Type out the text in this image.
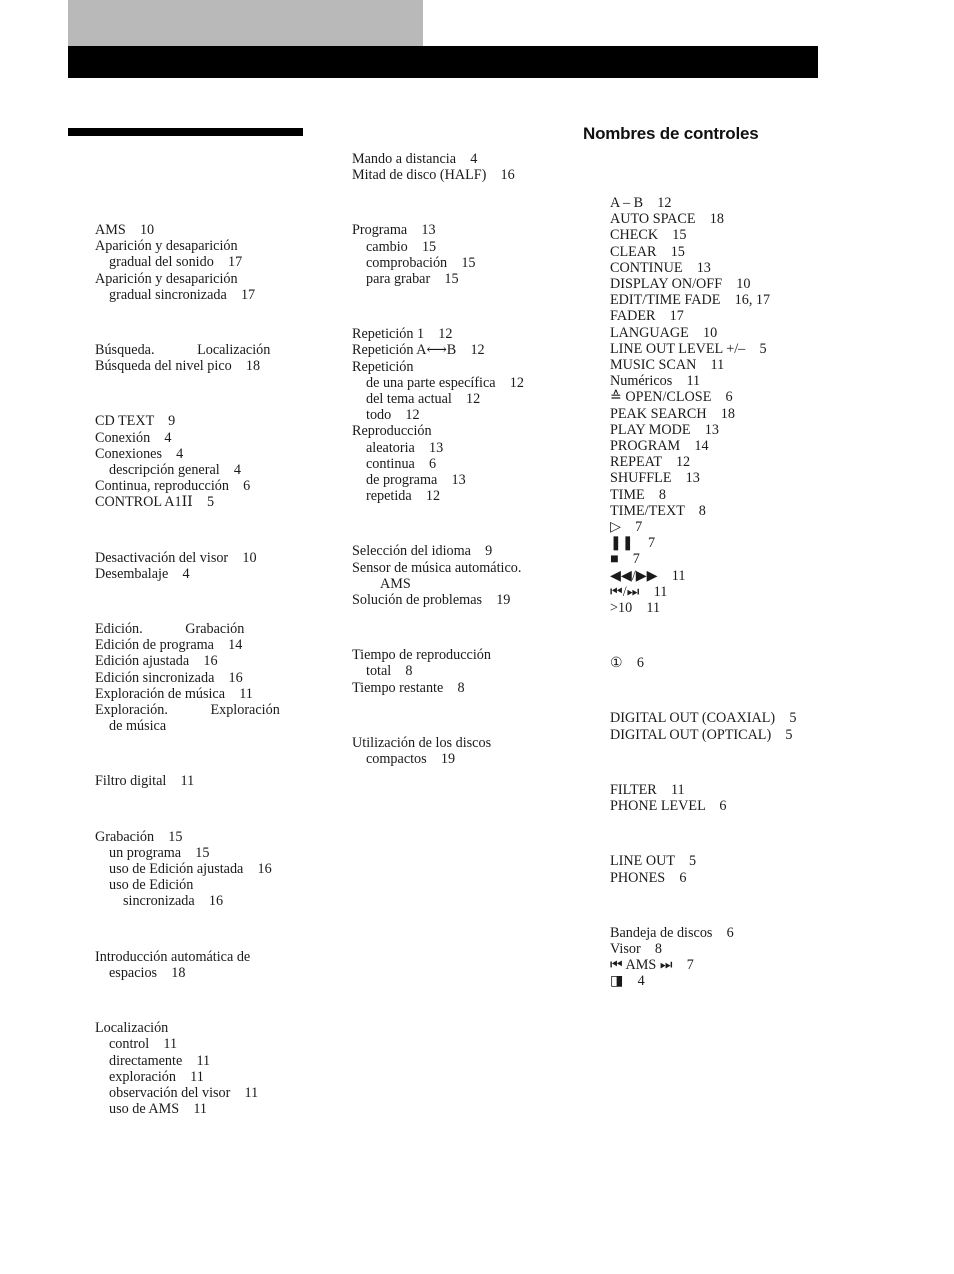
Nombres de controles
AMS    10
Aparición y desaparición
gradual del sonido    17
Aparición y desaparición
gradual sincronizada    17
Búsqueda.            Localización
Búsqueda del nivel pico    18
CD TEXT    9
Conexión    4
Conexiones    4
descripción general    4
Continua, reproducción    6
CONTROL A1ⅠⅠ    5
Desactivación del visor    10
Desembalaje    4
Edición.            Grabación
Edición de programa    14
Edición ajustada    16
Edición sincronizada    16
Exploración de música    11
Exploración.            Exploración
de música
Filtro digital    11
Grabación    15
un programa    15
uso de Edición ajustada    16
uso de Edición
sincronizada    16
Introducción automática de
espacios    18
Localización
control    11
directamente    11
exploración    11
observación del visor    11
uso de AMS    11
Mando a distancia    4
Mitad de disco (HALF)    16
Programa    13
cambio    15
comprobación    15
para grabar    15
Repetición 1    12
Repetición A⟷B    12
Repetición
de una parte específica    12
del tema actual    12
todo    12
Reproducción
aleatoria    13
continua    6
de programa    13
repetida    12
Selección del idioma    9
Sensor de música automático.
AMS
Solución de problemas    19
Tiempo de reproducción
total    8
Tiempo restante    8
Utilización de los discos
compactos    19
A – B    12
AUTO SPACE    18
CHECK    15
CLEAR    15
CONTINUE    13
DISPLAY ON/OFF    10
EDIT/TIME FADE    16, 17
FADER    17
LANGUAGE    10
LINE OUT LEVEL +/–    5
MUSIC SCAN    11
Numéricos    11
≙ OPEN/CLOSE    6
PEAK SEARCH    18
PLAY MODE    13
PROGRAM    14
REPEAT    12
SHUFFLE    13
TIME    8
TIME/TEXT    8
▷    7
❚❚    7
■    7
◀◀/▶▶    11
⏮/⏭    11
>10    11
①    6
DIGITAL OUT (COAXIAL)    5
DIGITAL OUT (OPTICAL)    5
FILTER    11
PHONE LEVEL    6
LINE OUT    5
PHONES    6
Bandeja de discos    6
Visor    8
⏮ AMS ⏭    7
◨    4
